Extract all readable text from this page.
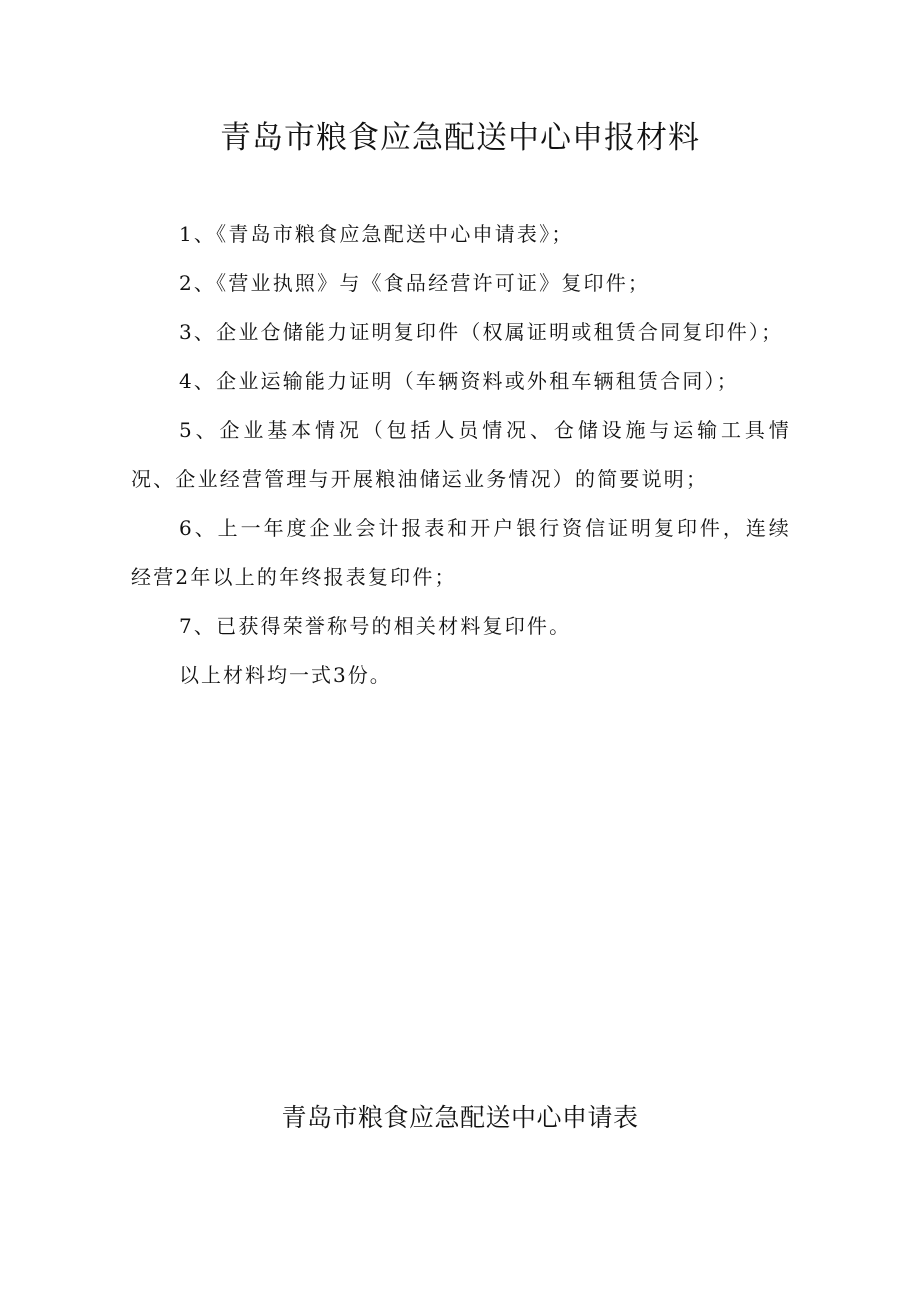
青岛市粮食应急配送中心申报材料

1、《青岛市粮食应急配送中心申请表》；

2、《营业执照》与《食品经营许可证》复印件；

3、企业仓储能力证明复印件（权属证明或租赁合同复印件）；

4、企业运输能力证明（车辆资料或外租车辆租赁合同）；

5、企业基本情况（包括人员情况、仓储设施与运输工具情况、企业经营管理与开展粮油储运业务情况）的简要说明；

6、上一年度企业会计报表和开户银行资信证明复印件，连续经营2年以上的年终报表复印件；

7、已获得荣誉称号的相关材料复印件。

以上材料均一式3份。

青岛市粮食应急配送中心申请表
